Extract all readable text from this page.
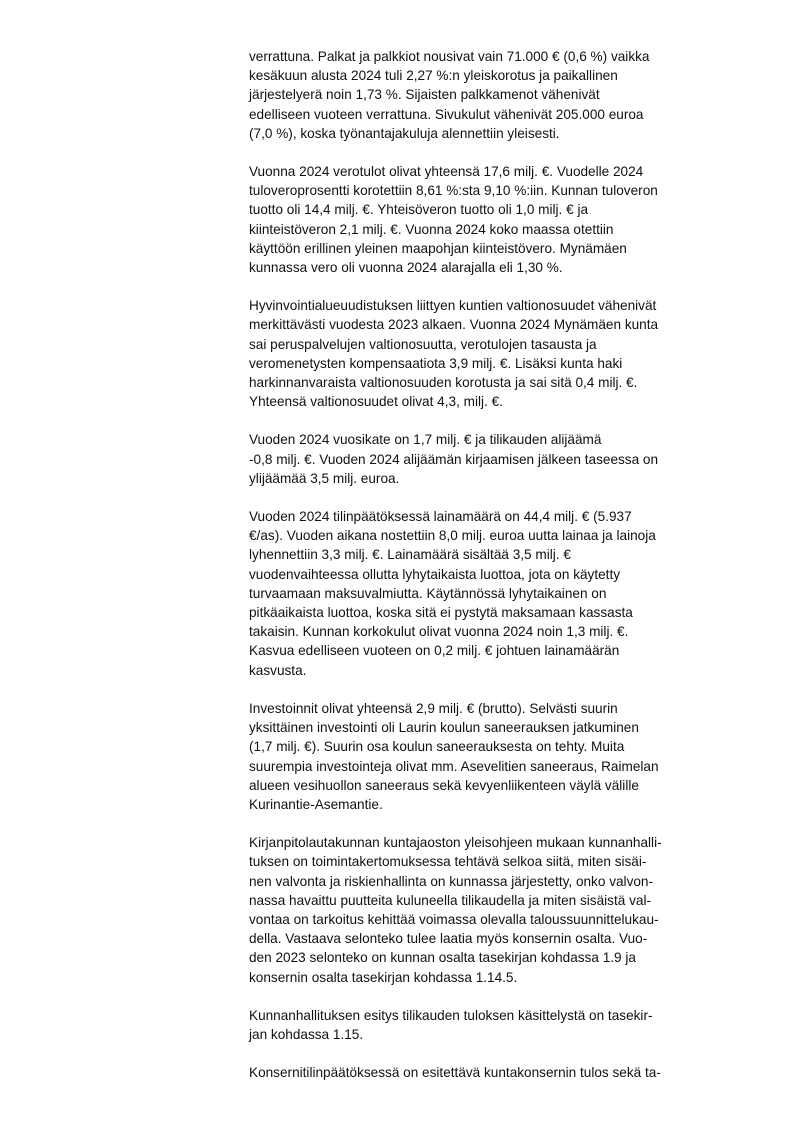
verrattuna. Palkat ja palkkiot nousivat vain 71.000 € (0,6 %) vaikka
kesäkuun alusta 2024 tuli 2,27 %:n yleiskorotus ja paikallinen
järjestelyerä noin 1,73 %. Sijaisten palkkamenot vähenivät
edelliseen vuoteen verrattuna. Sivukulut vähenivät 205.000 euroa
(7,0 %), koska työnantajakuluja alennettiin yleisesti.
Vuonna 2024 verotulot olivat yhteensä 17,6 milj. €. Vuodelle 2024
tuloveroprosentti korotettiin 8,61 %:sta 9,10 %:iin. Kunnan tuloveron
tuotto oli 14,4 milj. €. Yhteisöveron tuotto oli 1,0 milj. € ja
kiinteistöveron 2,1 milj. €. Vuonna 2024 koko maassa otettiin
käyttöön erillinen yleinen maapohjan kiinteistövero. Mynämäen
kunnassa vero oli vuonna 2024 alarajalla eli 1,30 %.
Hyvinvointialueuudistuksen liittyen kuntien valtionosuudet vähenivät
merkittävästi vuodesta 2023 alkaen. Vuonna 2024 Mynämäen kunta
sai peruspalvelujen valtionosuutta, verotulojen tasausta ja
veromenetysten kompensaatiota 3,9 milj. €. Lisäksi kunta haki
harkinnanvaraista valtionosuuden korotusta ja sai sitä 0,4 milj. €.
Yhteensä valtionosuudet olivat 4,3, milj. €.
Vuoden 2024 vuosikate on 1,7 milj. € ja tilikauden alijäämä
-0,8 milj. €. Vuoden 2024 alijäämän kirjaamisen jälkeen taseessa on
ylijäämää 3,5 milj. euroa.
Vuoden 2024 tilinpäätöksessä lainamäärä on 44,4 milj. € (5.937
€/as). Vuoden aikana nostettiin 8,0 milj. euroa uutta lainaa ja lainoja
lyhennettiin 3,3 milj. €. Lainamäärä sisältää 3,5 milj. €
vuodenvaihteessa ollutta lyhytaikaista luottoa, jota on käytetty
turvaamaan maksuvalmiutta. Käytännössä lyhytaikainen on
pitkäaikaista luottoa, koska sitä ei pystytä maksamaan kassasta
takaisin. Kunnan korkokulut olivat vuonna 2024 noin 1,3 milj. €.
Kasvua edelliseen vuoteen on 0,2 milj. € johtuen lainamäärän
kasvusta.
Investoinnit olivat yhteensä 2,9 milj. € (brutto). Selvästi suurin
yksittäinen investointi oli Laurin koulun saneerauksen jatkuminen
(1,7 milj. €). Suurin osa koulun saneerauksesta on tehty. Muita
suurempia investointeja olivat mm. Asevelitien saneeraus, Raimelan
alueen vesihuollon saneeraus sekä kevyenliikenteen väylä välille
Kurinantie-Asemantie.
Kirjanpitolautakunnan kuntajaoston yleisohjeen mukaan kunnanhalli-
tuksen on toimintakertomuksessa tehtävä selkoa siitä, miten sisäi-
nen valvonta ja riskienhallinta on kunnassa järjestetty, onko valvon-
nassa havaittu puutteita kuluneella tilikaudella ja miten sisäistä val-
vontaa on tarkoitus kehittää voimassa olevalla taloussuunnittelukau-
della. Vastaava selonteko tulee laatia myös konsernin osalta. Vuo-
den 2023 selonteko on kunnan osalta tasekirjan kohdassa 1.9 ja
konsernin osalta tasekirjan kohdassa 1.14.5.
Kunnanhallituksen esitys tilikauden tuloksen käsittelystä on tasekir-
jan kohdassa 1.15.
Konsernitilinpäätöksessä on esitettävä kuntakonsernin tulos sekä ta-
